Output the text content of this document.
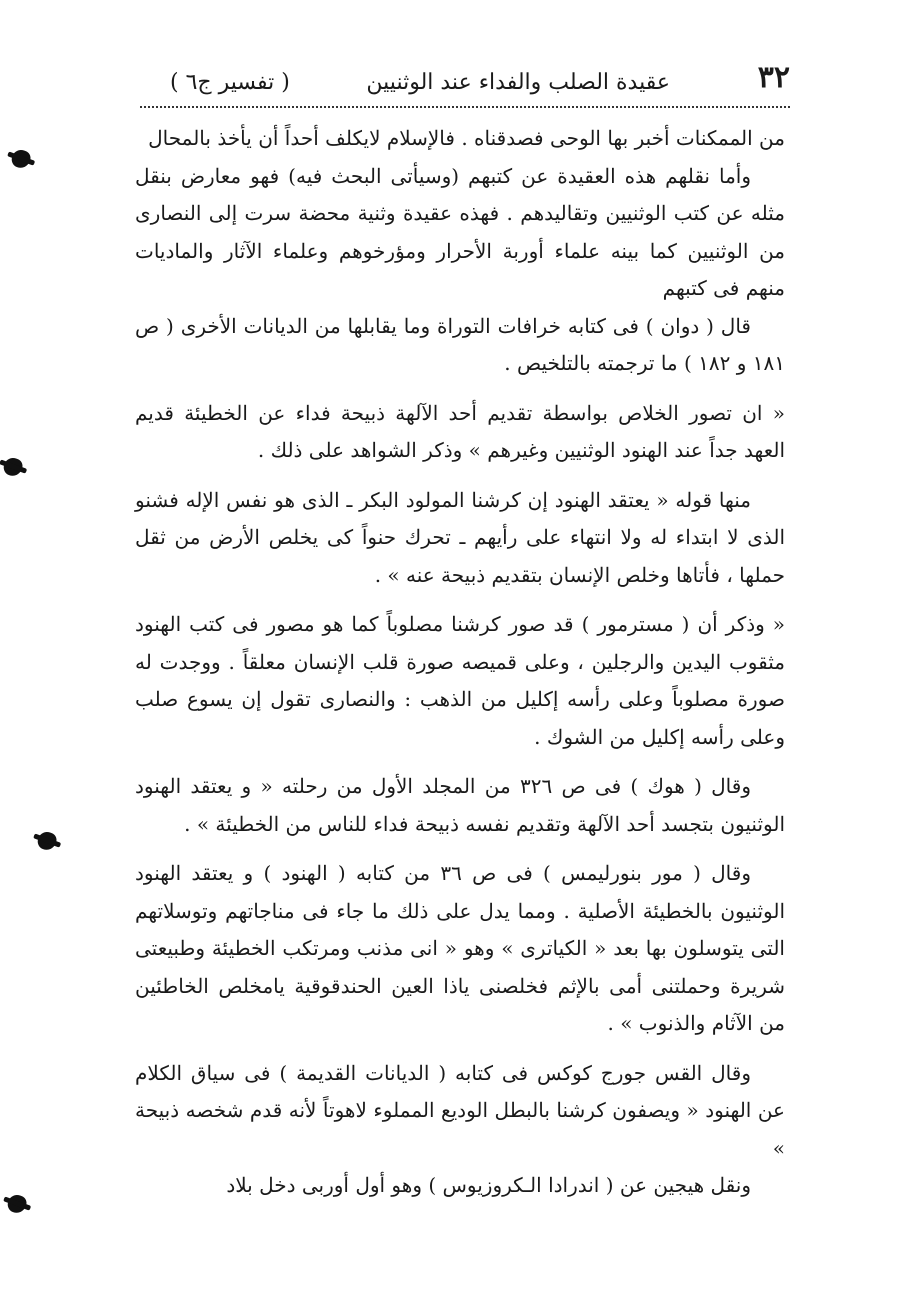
٣٢
عقيدة الصلب والفداء عند الوثنيين
( تفسير ج٦ )

من الممكنات أخبر بها الوحى فصدقناه . فالإسلام لايكلف أحداً أن يأخذ بالمحال

وأما نقلهم هذه العقيدة عن كتبهم (وسيأتى البحث فيه) فهو معارض بنقل مثله عن كتب الوثنيين وتقاليدهم . فهذه عقيدة وثنية محضة سرت إلى النصارى من الوثنيين كما بينه علماء أوربة الأحرار ومؤرخوهم وعلماء الآثار والماديات منهم فى كتبهم

قال ( دوان ) فى كتابه خرافات التوراة وما يقابلها من الديانات الأخرى ( ص ١٨١ و ١٨٢ ) ما ترجمته بالتلخيص .

« ان تصور الخلاص بواسطة تقديم أحد الآلهة ذبيحة فداء عن الخطيئة قديم العهد جداً عند الهنود الوثنيين وغيرهم » وذكر الشواهد على ذلك .

منها قوله « يعتقد الهنود إن كرشنا المولود البكر ـ الذى هو نفس الإله فشنو الذى لا ابتداء له ولا انتهاء على رأيهم ـ تحرك حنواً كى يخلص الأرض من ثقل حملها ، فأتاها وخلص الإنسان بتقديم ذبيحة عنه » .

« وذكر أن ( مسترمور ) قد صور كرشنا مصلوباً كما هو مصور فى كتب الهنود مثقوب اليدين والرجلين ، وعلى قميصه صورة قلب الإنسان معلقاً . ووجدت له صورة مصلوباً وعلى رأسه إكليل من الذهب : والنصارى تقول إن يسوع صلب وعلى رأسه إكليل من الشوك .

وقال ( هوك ) فى ص ٣٢٦ من المجلد الأول من رحلته « و يعتقد الهنود الوثنيون بتجسد أحد الآلهة وتقديم نفسه ذبيحة فداء للناس من الخطيئة » .

وقال ( مور بنورليمس ) فى ص ٣٦ من كتابه ( الهنود ) و يعتقد الهنود الوثنيون بالخطيئة الأصلية . ومما يدل على ذلك ما جاء فى مناجاتهم وتوسلاتهم التى يتوسلون بها بعد « الكياترى » وهو « انى مذنب ومرتكب الخطيئة وطبيعتى شريرة وحملتنى أمى بالإثم فخلصنى ياذا العين الحندقوقية يامخلص الخاطئين من الآثام والذنوب » .

وقال القس جورج كوكس فى كتابه ( الديانات القديمة ) فى سياق الكلام عن الهنود « ويصفون كرشنا بالبطل الوديع المملوء لاهوتاً لأنه قدم شخصه ذبيحة »

ونقل هيجين عن ( اندرادا الـكروزيوس ) وهو أول أوربى دخل بلاد
